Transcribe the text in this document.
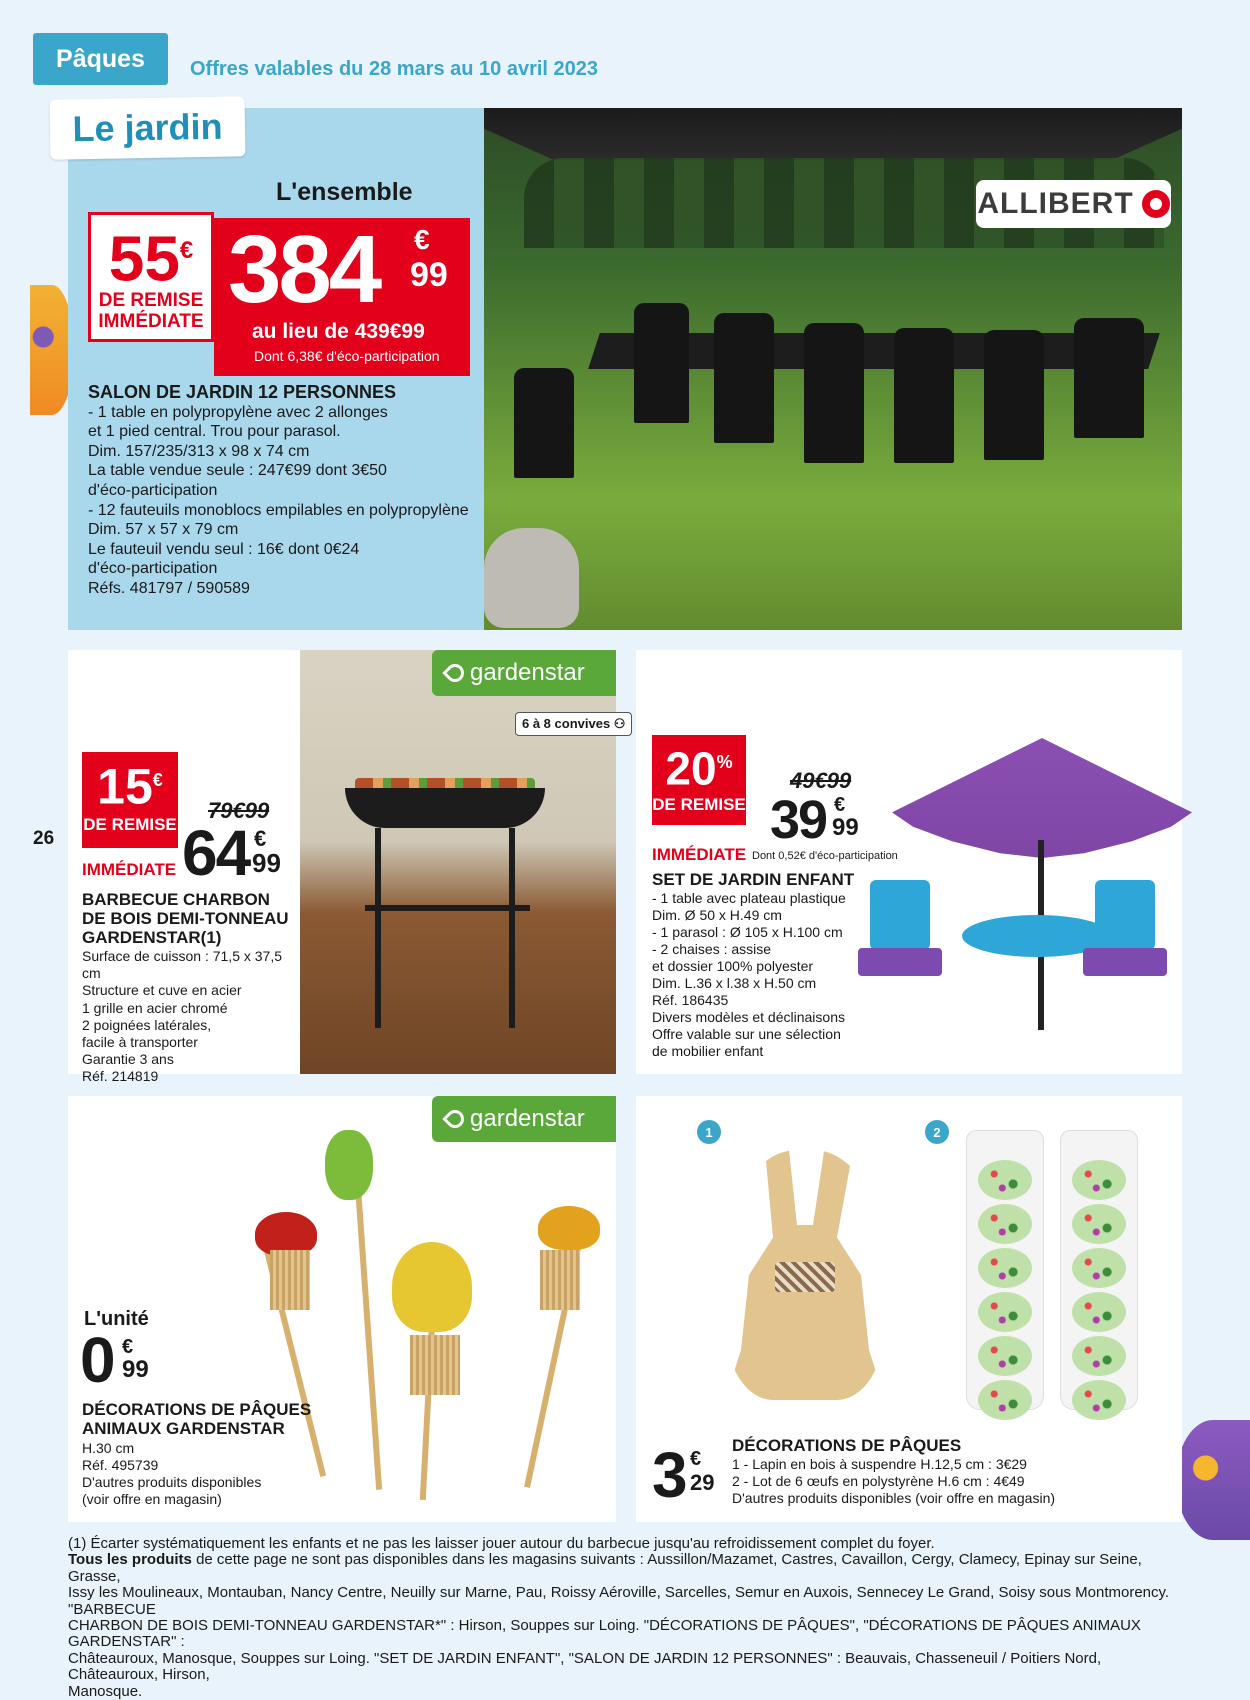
Pâques	Offres valables du 28 mars au 10 avril 2023
26
ALLIBERT
Le jardin
L'ensemble
55€
DE REMISE
IMMÉDIATE 384 €
99
au lieu de 439€99
Dont 6,38€ d'éco-participation
SALON DE JARDIN 12 PERSONNES
- 1 table en polypropylène avec 2 allonges
et 1 pied central. Trou pour parasol.
Dim. 157/235/313 x 98 x 74 cm
La table vendue seule : 247€99 dont 3€50
d'éco-participation
- 12 fauteuils monoblocs empilables en polypropylène
Dim. 57 x 57 x 79 cm
Le fauteuil vendu seul : 16€ dont 0€24
d'éco-participation
Réfs. 481797 / 590589
gardenstar
6 à 8 convives ⚇
15€
DE REMISE
IMMÉDIATE
79€99
64 €
99
BARBECUE CHARBON
DE BOIS DEMI-TONNEAU
GARDENSTAR(1)
Surface de cuisson : 71,5 x 37,5 cm
Structure et cuve en acier
1 grille en acier chromé
2 poignées latérales,
facile à transporter
Garantie 3 ans
Réf. 214819
20%
DE REMISE
IMMÉDIATE
49€99
39 €
99
Dont 0,52€ d'éco-participation
SET DE JARDIN ENFANT
- 1 table avec plateau plastique
Dim. Ø 50 x H.49 cm
- 1 parasol : Ø 105 x H.100 cm
- 2 chaises : assise
et dossier 100% polyester
Dim. L.36 x l.38 x H.50 cm
Réf. 186435
Divers modèles et déclinaisons
Offre valable sur une sélection
de mobilier enfant
gardenstar
L'unité
0 €
99
DÉCORATIONS DE PÂQUES
ANIMAUX GARDENSTAR
H.30 cm
Réf. 495739
D'autres produits disponibles
(voir offre en magasin)
1	2
3 €
29
DÉCORATIONS DE PÂQUES
1 - Lapin en bois à suspendre H.12,5 cm : 3€29
2 - Lot de 6 œufs en polystyrène H.6 cm : 4€49
D'autres produits disponibles (voir offre en magasin)
(1) Écarter systématiquement les enfants et ne pas les laisser jouer autour du barbecue jusqu'au refroidissement complet du foyer.
Tous les produits de cette page ne sont pas disponibles dans les magasins suivants : Aussillon/Mazamet, Castres, Cavaillon, Cergy, Clamecy, Epinay sur Seine, Grasse,
Issy les Moulineaux, Montauban, Nancy Centre, Neuilly sur Marne, Pau, Roissy Aéroville, Sarcelles, Semur en Auxois, Sennecey Le Grand, Soisy sous Montmorency. "BARBECUE
CHARBON DE BOIS DEMI-TONNEAU GARDENSTAR*" : Hirson, Souppes sur Loing. "DÉCORATIONS DE PÂQUES", "DÉCORATIONS DE PÂQUES ANIMAUX GARDENSTAR" :
Châteauroux, Manosque, Souppes sur Loing. "SET DE JARDIN ENFANT", "SALON DE JARDIN 12 PERSONNES" : Beauvais, Chasseneuil / Poitiers Nord, Châteauroux, Hirson,
Manosque.
